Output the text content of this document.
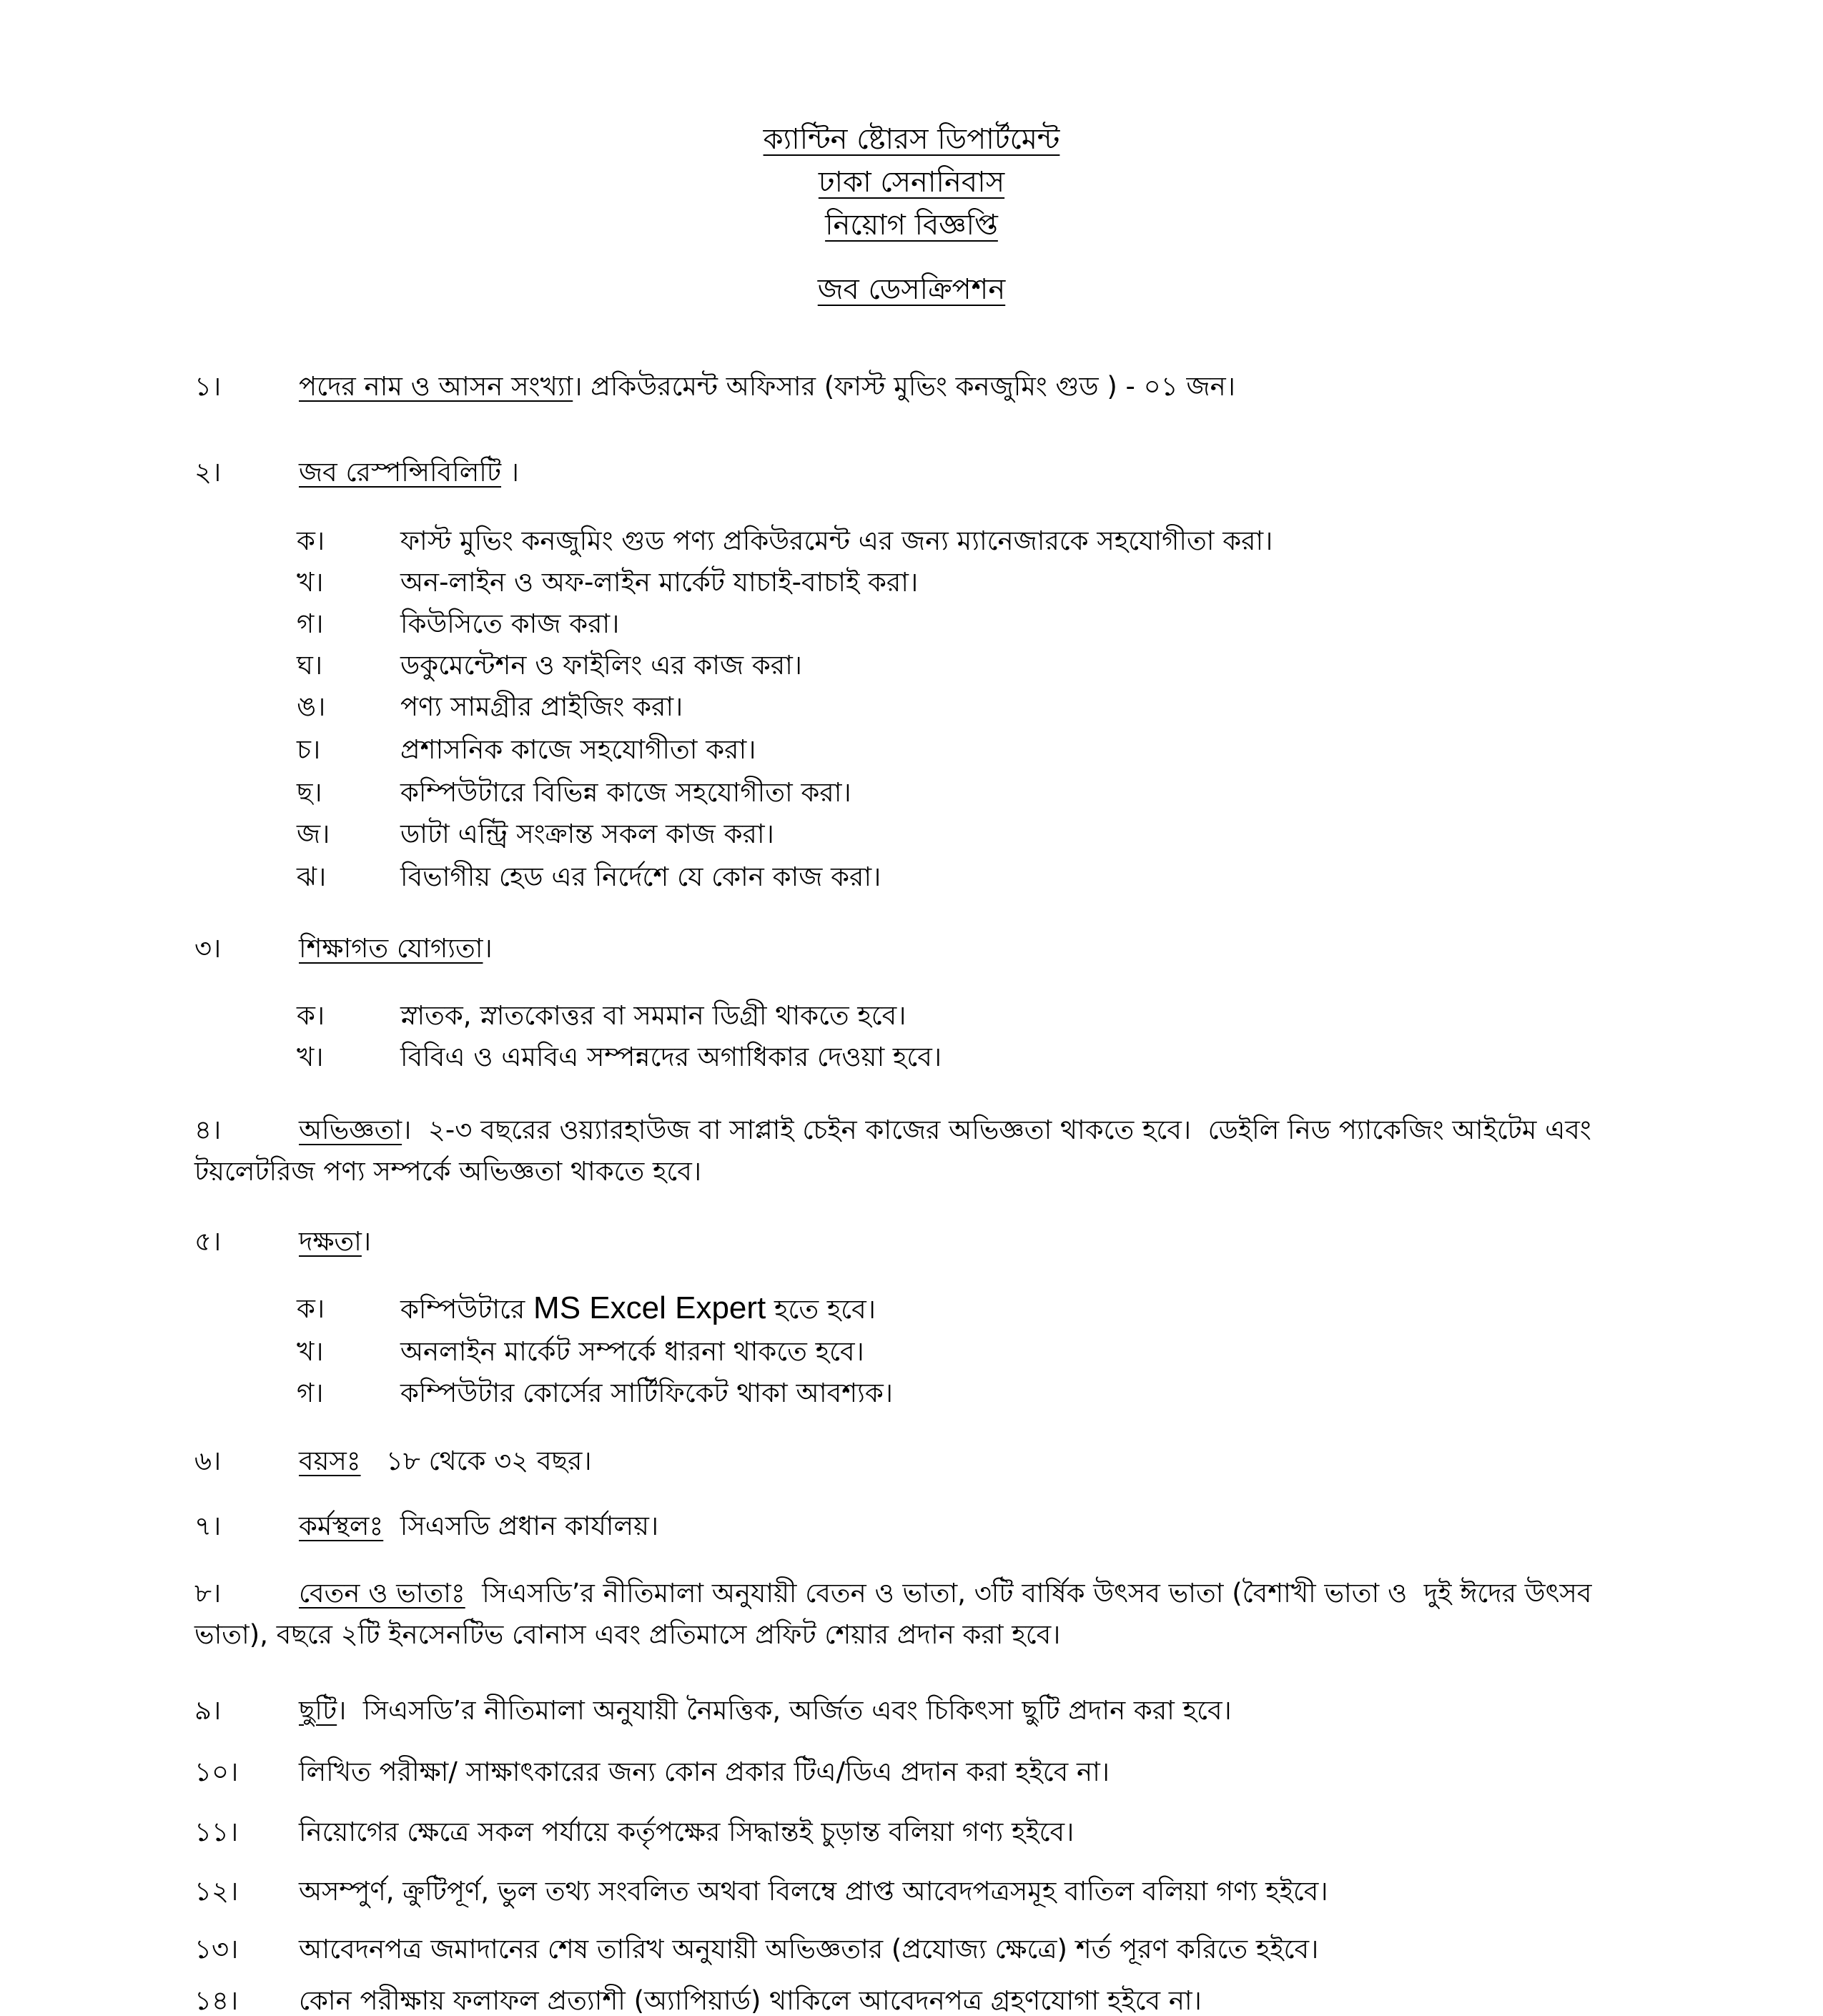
ক্যান্টিন ষ্টোরস ডিপার্টমেন্ট
ঢাকা সেনানিবাস
নিয়োগ বিজ্ঞপ্তি
জব ডেসক্রিপশন
১।	পদের নাম ও আসন সংখ্যা। প্রকিউরমেন্ট অফিসার (ফাস্ট মুভিং কনজুমিং গুড ) - ০১ জন।
২।	জব রেস্পন্সিবিলিটি ।
ক।	ফাস্ট মুভিং কনজুমিং গুড পণ্য প্রকিউরমেন্ট এর জন্য ম্যানেজারকে সহযোগীতা করা।
খ।	অন-লাইন ও অফ-লাইন মার্কেট যাচাই-বাচাই করা।
গ।	কিউসিতে কাজ করা।
ঘ।	ডকুমেন্টেশন ও ফাইলিং এর কাজ করা।
ঙ।	পণ্য সামগ্রীর প্রাইজিং করা।
চ।	প্রশাসনিক কাজে সহযোগীতা করা।
ছ।	কম্পিউটারে বিভিন্ন কাজে সহযোগীতা করা।
জ।	ডাটা এন্ট্রি সংক্রান্ত সকল কাজ করা।
ঝ।	বিভাগীয় হেড এর নির্দেশে যে কোন কাজ করা।
৩।	শিক্ষাগত যোগ্যতা।
ক।	স্নাতক, স্নাতকোত্তর বা সমমান ডিগ্রী থাকতে হবে।
খ।	বিবিএ ও এমবিএ সম্পন্নদের অগাধিকার দেওয়া হবে।
৪।	অভিজ্ঞতা।  ২-৩ বছরের ওয়্যারহাউজ বা সাপ্লাই চেইন কাজের অভিজ্ঞতা থাকতে হবে।  ডেইলি নিড প্যাকেজিং আইটেম এবং টয়লেটরিজ পণ্য সম্পর্কে অভিজ্ঞতা থাকতে হবে।
৫।	দক্ষতা।
ক।	কম্পিউটারে MS Excel Expert হতে হবে।
খ।	অনলাইন মার্কেট সম্পর্কে ধারনা থাকতে হবে।
গ।	কম্পিউটার কোর্সের সার্টিফিকেট থাকা আবশ্যক।
৬।	বয়স   ১৮ থেকে ৩২ বছর।
৭।	কর্মস্থল  সিএসডি প্রধান কার্যালয়।
৮।	বেতন ও ভাতা  সিএসডি’র নীতিমালা অনুযায়ী বেতন ও ভাতা, ৩টি বার্ষিক উৎসব ভাতা (বৈশাখী ভাতা ও  দুই ঈদের উৎসব ভাতা), বছরে ২টি ইনসেনটিভ বোনাস এবং প্রতিমাসে প্রফিট শেয়ার প্রদান করা হবে।
৯।	ছুটি।  সিএসডি’র নীতিমালা অনুযায়ী নৈমত্তিক, অর্জিত এবং চিকিৎসা ছুটি প্রদান করা হবে।
১০। লিখিত পরীক্ষা/ সাক্ষাৎকারের জন্য কোন প্রকার টিএ/ডিএ প্রদান করা হইবে না।
১১। নিয়োগের ক্ষেত্রে সকল পর্যায়ে কর্তৃপক্ষের সিদ্ধান্তই চুড়ান্ত বলিয়া গণ্য হইবে।
১২। অসম্পুর্ণ, ক্রুটিপূর্ণ, ভুল তথ্য সংবলিত অথবা বিলম্বে প্রাপ্ত আবেদপত্রসমূহ বাতিল বলিয়া গণ্য হইবে।
১৩। আবেদনপত্র জমাদানের শেষ তারিখ অনুযায়ী অভিজ্ঞতার (প্রযোজ্য ক্ষেত্রে) শর্ত পূরণ করিতে হইবে।
১৪। কোন পরীক্ষায় ফলাফল প্রত্যাশী (অ্যাপিয়ার্ড) থাকিলে আবেদনপত্র গ্রহণযোগা হইবে না।
